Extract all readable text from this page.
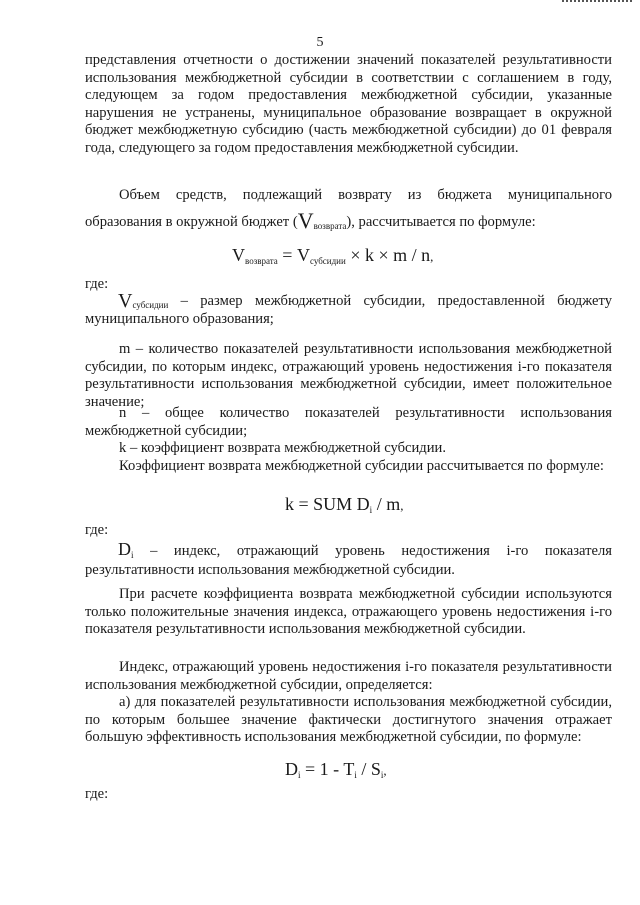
5

представления отчетности о достижении значений показателей результативности использования межбюджетной субсидии в соответствии с соглашением в году, следующем за годом предоставления межбюджетной субсидии, указанные нарушения не устранены, муниципальное образование возвращает в окружной бюджет межбюджетную субсидию (часть межбюджетной субсидии) до 01 февраля года, следующего за годом предоставления межбюджетной субсидии.

Объем средств, подлежащий возврату из бюджета муниципального образования в окружной бюджет $(V_{возврата})$, рассчитывается по формуле:

$V_{возврата} = V_{субсидии} \times k \times m / n$,
где:

$V_{субсидии}$ – размер межбюджетной субсидии, предоставленной бюджету муниципального образования;

m – количество показателей результативности использования межбюджетной субсидии, по которым индекс, отражающий уровень недостижения i-го показателя результативности использования межбюджетной субсидии, имеет положительное значение;

n – общее количество показателей результативности использования межбюджетной субсидии;

k – коэффициент возврата межбюджетной субсидии.

Коэффициент возврата межбюджетной субсидии рассчитывается по формуле:

k = SUM $D_i$ / m,
где:

$D_i$ – индекс, отражающий уровень недостижения i-го показателя результативности использования межбюджетной субсидии.

При расчете коэффициента возврата межбюджетной субсидии используются только положительные значения индекса, отражающего уровень недостижения i-го показателя результативности использования межбюджетной субсидии.

Индекс, отражающий уровень недостижения i-го показателя результативности использования межбюджетной субсидии, определяется:

а) для показателей результативности использования межбюджетной субсидии, по которым большее значение фактически достигнутого значения отражает большую эффективность использования межбюджетной субсидии, по формуле:

$D_i = 1 - T_i / S_i$,
где:
